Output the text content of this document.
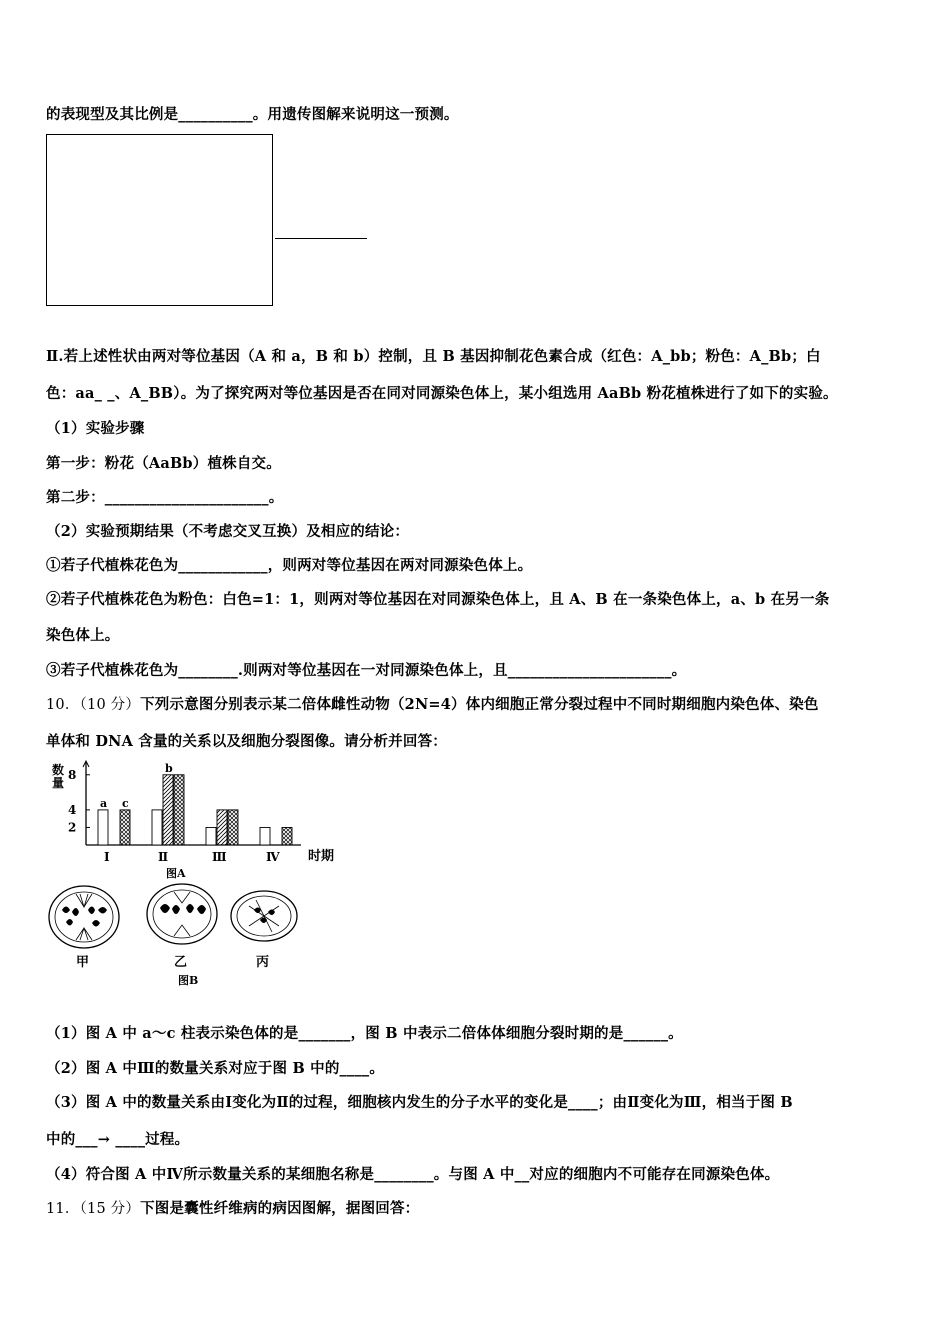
的表现型及其比例是__________。用遗传图解来说明这一预测。
Ⅱ.若上述性状由两对等位基因（A 和 a，B 和 b）控制，且 B 基因抑制花色素合成（红色：A_bb；粉色：A_Bb；白
色：aa_ _、A_BB）。为了探究两对等位基因是否在同对同源染色体上，某小组选用 AaBb 粉花植株进行了如下的实验。
（1）实验步骤
第一步：粉花（AaBb）植株自交。
第二步：______________________。
（2）实验预期结果（不考虑交叉互换）及相应的结论：
①若子代植株花色为____________，则两对等位基因在两对同源染色体上。
②若子代植株花色为粉色：白色=1：1，则两对等位基因在对同源染色体上，且 A、B 在一条染色体上，a、b 在另一条
染色体上。
③若子代植株花色为________.则两对等位基因在一对同源染色体上，且______________________。
10．（10 分）下列示意图分别表示某二倍体雌性动物（2N=4）体内细胞正常分裂过程中不同时期细胞内染色体、染色
单体和 DNA 含量的关系以及细胞分裂图像。请分析并回答：
数
量
时期
图A
a c
Ⅰ
b
Ⅱ	Ⅲ	Ⅳ
2
4
8
甲	乙	丙
图B
（1）图 A 中 a～c 柱表示染色体的是_______，图 B 中表示二倍体体细胞分裂时期的是______。
（2）图 A 中Ⅲ的数量关系对应于图 B 中的____。
（3）图 A 中的数量关系由Ⅰ变化为Ⅱ的过程，细胞核内发生的分子水平的变化是____；由Ⅱ变化为Ⅲ，相当于图 B
中的___→ ____过程。
（4）符合图 A 中Ⅳ所示数量关系的某细胞名称是________。与图 A 中__对应的细胞内不可能存在同源染色体。
11．（15 分）下图是囊性纤维病的病因图解，据图回答：
